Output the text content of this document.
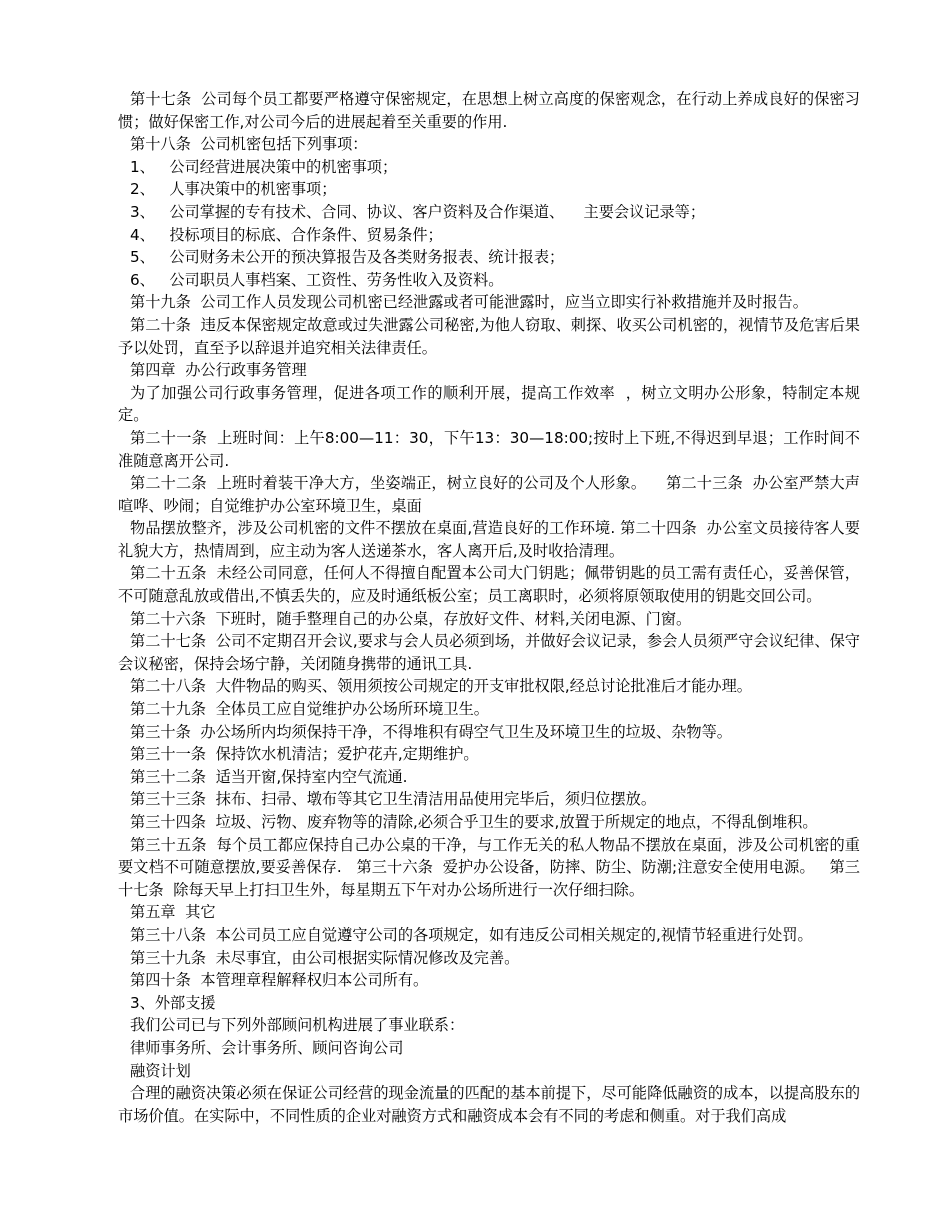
第十七条  公司每个员工都要严格遵守保密规定，在思想上树立高度的保密观念，在行动上养成良好的保密习惯；做好保密工作,对公司今后的进展起着至关重要的作用.

第十八条  公司机密包括下列事项：

1、   公司经营进展决策中的机密事项；

2、   人事决策中的机密事项；

3、   公司掌握的专有技术、合同、协议、客户资料及合作渠道、    主要会议记录等；

4、   投标项目的标底、合作条件、贸易条件；

5、   公司财务未公开的预决算报告及各类财务报表、统计报表；

6、   公司职员人事档案、工资性、劳务性收入及资料。

第十九条  公司工作人员发现公司机密已经泄露或者可能泄露时，应当立即实行补救措施并及时报告。

第二十条  违反本保密规定故意或过失泄露公司秘密,为他人窃取、刺探、收买公司机密的，视情节及危害后果予以处罚，直至予以辞退并追究相关法律责任。

第四章  办公行政事务管理

为了加强公司行政事务管理，促进各项工作的顺利开展，提高工作效率  ，树立文明办公形象，特制定本规定。

第二十一条  上班时间：上午8:00—11：30，下午13：30—18:00;按时上下班,不得迟到早退；工作时间不准随意离开公司.

第二十二条  上班时着装干净大方，坐姿端正，树立良好的公司及个人形象。    第二十三条  办公室严禁大声喧哗、吵闹；自觉维护办公室环境卫生，桌面

物品摆放整齐，涉及公司机密的文件不摆放在桌面,营造良好的工作环境. 第二十四条  办公室文员接待客人要礼貌大方，热情周到，应主动为客人送递茶水，客人离开后,及时收拾清理。

第二十五条  未经公司同意，任何人不得擅自配置本公司大门钥匙；佩带钥匙的员工需有责任心，妥善保管，不可随意乱放或借出,不慎丢失的，应及时通纸板公室；员工离职时，必须将原领取使用的钥匙交回公司。

第二十六条  下班时，随手整理自己的办公桌，存放好文件、材料,关闭电源、门窗。

第二十七条  公司不定期召开会议,要求与会人员必须到场，并做好会议记录，参会人员须严守会议纪律、保守会议秘密，保持会场宁静，关闭随身携带的通讯工具.

第二十八条  大件物品的购买、领用须按公司规定的开支审批权限,经总讨论批准后才能办理。

第二十九条  全体员工应自觉维护办公场所环境卫生。

第三十条  办公场所内均须保持干净，不得堆积有碍空气卫生及环境卫生的垃圾、杂物等。

第三十一条  保持饮水机清洁；爱护花卉,定期维护。

第三十二条  适当开窗,保持室内空气流通.

第三十三条  抹布、扫帚、墩布等其它卫生清洁用品使用完毕后，须归位摆放。

第三十四条  垃圾、污物、废弃物等的清除,必须合乎卫生的要求,放置于所规定的地点，不得乱倒堆积。

第三十五条  每个员工都应保持自己办公桌的干净，与工作无关的私人物品不摆放在桌面，涉及公司机密的重要文档不可随意摆放,要妥善保存.   第三十六条  爱护办公设备，防摔、防尘、防潮;注意安全使用电源。   第三十七条  除每天早上打扫卫生外，每星期五下午对办公场所进行一次仔细扫除。

第五章  其它

第三十八条  本公司员工应自觉遵守公司的各项规定，如有违反公司相关规定的,视情节轻重进行处罚。

第三十九条  未尽事宜，由公司根据实际情况修改及完善。

第四十条  本管理章程解释权归本公司所有。

3、外部支援

我们公司已与下列外部顾问机构进展了事业联系：

律师事务所、会计事务所、顾问咨询公司

融资计划

合理的融资决策必须在保证公司经营的现金流量的匹配的基本前提下，尽可能降低融资的成本，以提高股东的市场价值。在实际中，不同性质的企业对融资方式和融资成本会有不同的考虑和侧重。对于我们高成
